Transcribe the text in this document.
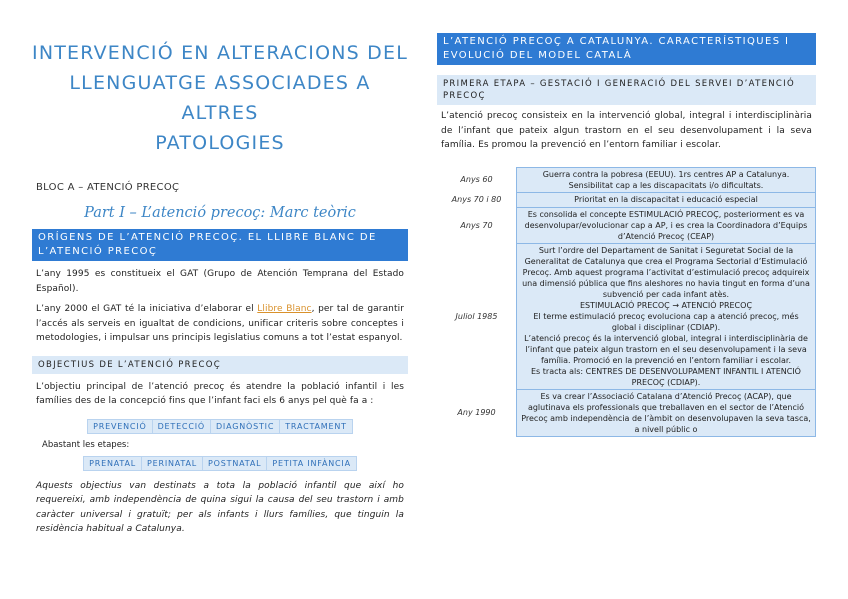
INTERVENCIÓ EN ALTERACIONS DEL
LLENGUATGE ASSOCIADES A ALTRES
PATOLOGIES
BLOC A – ATENCIÓ PRECOÇ
Part I – L’atenció precoç: Marc teòric
ORÍGENS DE L’ATENCIÓ PRECOÇ. EL LLIBRE BLANC DE L’ATENCIÓ PRECOÇ

L’any 1995 es constitueix el GAT (Grupo de Atención Temprana del Estado Español).

L’any 2000 el GAT té la iniciativa d’elaborar el Llibre Blanc, per tal de garantir l’accés als serveis en igualtat de condicions, unificar criteris sobre conceptes i metodologies, i impulsar uns principis legislatius comuns a tot l’estat espanyol.

OBJECTIUS DE L’ATENCIÓ PRECOÇ

L’objectiu principal de l’atenció precoç és atendre la població infantil i les famílies des de la concepció fins que l’infant faci els 6 anys pel què fa a :

PREVENCIÓ	DETECCIÓ	DIAGNÒSTIC	TRACTAMENT
Abastant les etapes:
PRENATAL	PERINATAL	POSTNATAL	PETITA INFÀNCIA

Aquests objectius van destinats a tota la població infantil que així ho requereixi, amb independència de quina sigui la causa del seu trastorn i amb caràcter universal i gratuït; per als infants i llurs famílies, que tinguin la residència habitual a Catalunya.

L’ATENCIÓ PRECOÇ A CATALUNYA. CARACTERÍSTIQUES I EVOLUCIÓ DEL MODEL CATALÀ
PRIMERA ETAPA – GESTACIÓ I GENERACIÓ DEL SERVEI D’ATENCIÓ PRECOÇ

L’atenció precoç consisteix en la intervenció global, integral i interdisciplinària de l’infant que pateix algun trastorn en el seu desenvolupament i la seva família. Es promou la prevenció en l’entorn familiar i escolar.

Anys 60	Guerra contra la pobresa (EEUU). 1rs centres AP a Catalunya. Sensibilitat cap a les discapacitats i/o dificultats.
Anys 70 i 80	Prioritat en la discapacitat i educació especial
Anys 70	Es consolida el concepte ESTIMULACIÓ PRECOÇ, posteriorment es va desenvolupar/evolucionar cap a AP, i es crea la Coordinadora d’Equips d’Atenció Precoç (CEAP)
Juliol 1985	Surt l’ordre del Departament de Sanitat i Seguretat Social de la Generalitat de Catalunya que crea el Programa Sectorial d’Estimulació Precoç. Amb aquest programa l’activitat d’estimulació precoç adquireix una dimensió pública que fins aleshores no havia tingut en forma d’una subvenció per cada infant atès.
ESTIMULACIÓ PRECOÇ → ATENCIÓ PRECOÇ
El terme estimulació precoç evoluciona cap a atenció precoç, més global i disciplinar (CDIAP).
L’atenció precoç és la intervenció global, integral i interdisciplinària de l’infant que pateix algun trastorn en el seu desenvolupament i la seva família. Promoció en la prevenció en l’entorn familiar i escolar.
Es tracta als: CENTRES DE DESENVOLUPAMENT INFANTIL I ATENCIÓ PRECOÇ (CDIAP).

Any 1990	Es va crear l’Associació Catalana d’Atenció Precoç (ACAP), que aglutinava els professionals que treballaven en el sector de l’Atenció Precoç amb independència de l’àmbit on desenvolupaven la seva tasca, a nivell públic o
